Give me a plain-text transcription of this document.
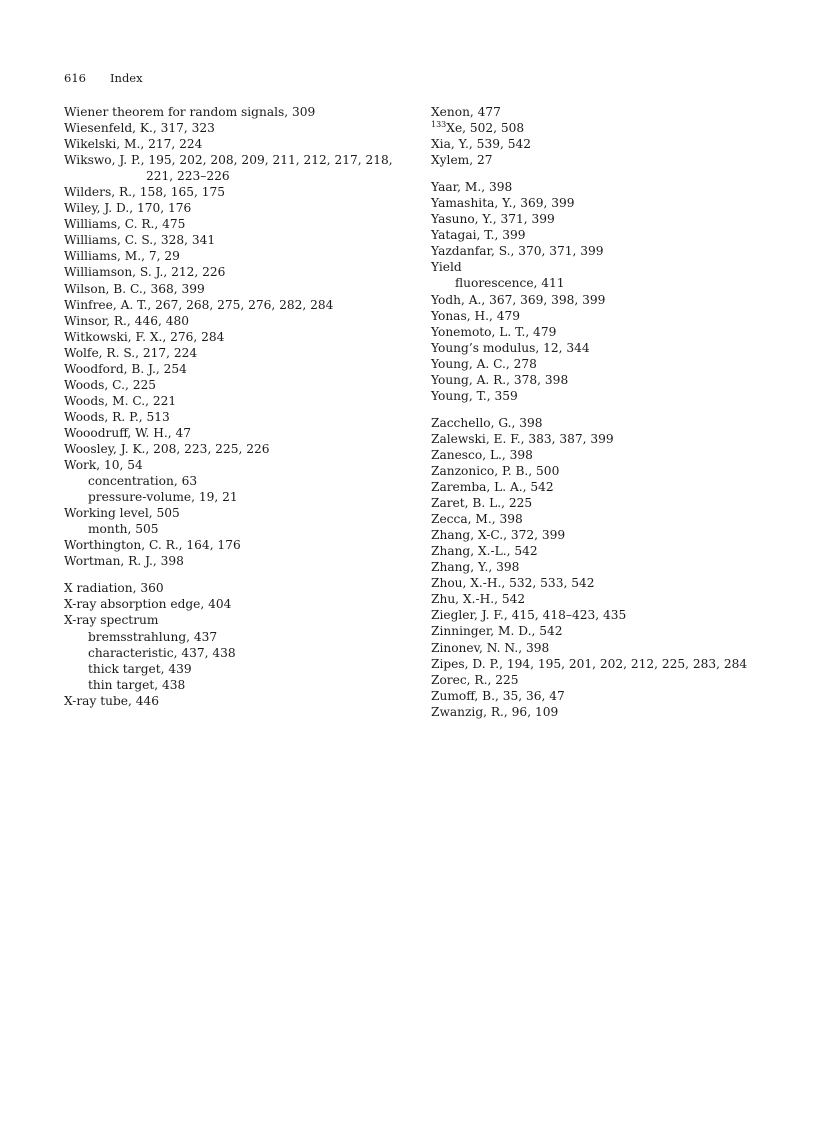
616 Index
Wiener theorem for random signals, 309
Wiesenfeld, K., 317, 323
Wikelski, M., 217, 224
Wikswo, J. P., 195, 202, 208, 209, 211, 212, 217, 218,
221, 223–226
Wilders, R., 158, 165, 175
Wiley, J. D., 170, 176
Williams, C. R., 475
Williams, C. S., 328, 341
Williams, M., 7, 29
Williamson, S. J., 212, 226
Wilson, B. C., 368, 399
Winfree, A. T., 267, 268, 275, 276, 282, 284
Winsor, R., 446, 480
Witkowski, F. X., 276, 284
Wolfe, R. S., 217, 224
Woodford, B. J., 254
Woods, C., 225
Woods, M. C., 221
Woods, R. P., 513
Wooodruff, W. H., 47
Woosley, J. K., 208, 223, 225, 226
Work, 10, 54
concentration, 63
pressure-volume, 19, 21
Working level, 505
month, 505
Worthington, C. R., 164, 176
Wortman, R. J., 398
X radiation, 360
X-ray absorption edge, 404
X-ray spectrum
bremsstrahlung, 437
characteristic, 437, 438
thick target, 439
thin target, 438
X-ray tube, 446
Xenon, 477
$^{133}$Xe, 502, 508
Xia, Y., 539, 542
Xylem, 27
Yaar, M., 398
Yamashita, Y., 369, 399
Yasuno, Y., 371, 399
Yatagai, T., 399
Yazdanfar, S., 370, 371, 399
Yield
fluorescence, 411
Yodh, A., 367, 369, 398, 399
Yonas, H., 479
Yonemoto, L. T., 479
Young’s modulus, 12, 344
Young, A. C., 278
Young, A. R., 378, 398
Young, T., 359
Zacchello, G., 398
Zalewski, E. F., 383, 387, 399
Zanesco, L., 398
Zanzonico, P. B., 500
Zaremba, L. A., 542
Zaret, B. L., 225
Zecca, M., 398
Zhang, X-C., 372, 399
Zhang, X.-L., 542
Zhang, Y., 398
Zhou, X.-H., 532, 533, 542
Zhu, X.-H., 542
Ziegler, J. F., 415, 418–423, 435
Zinninger, M. D., 542
Zinonev, N. N., 398
Zipes, D. P., 194, 195, 201, 202, 212, 225, 283, 284
Zorec, R., 225
Zumoff, B., 35, 36, 47
Zwanzig, R., 96, 109
